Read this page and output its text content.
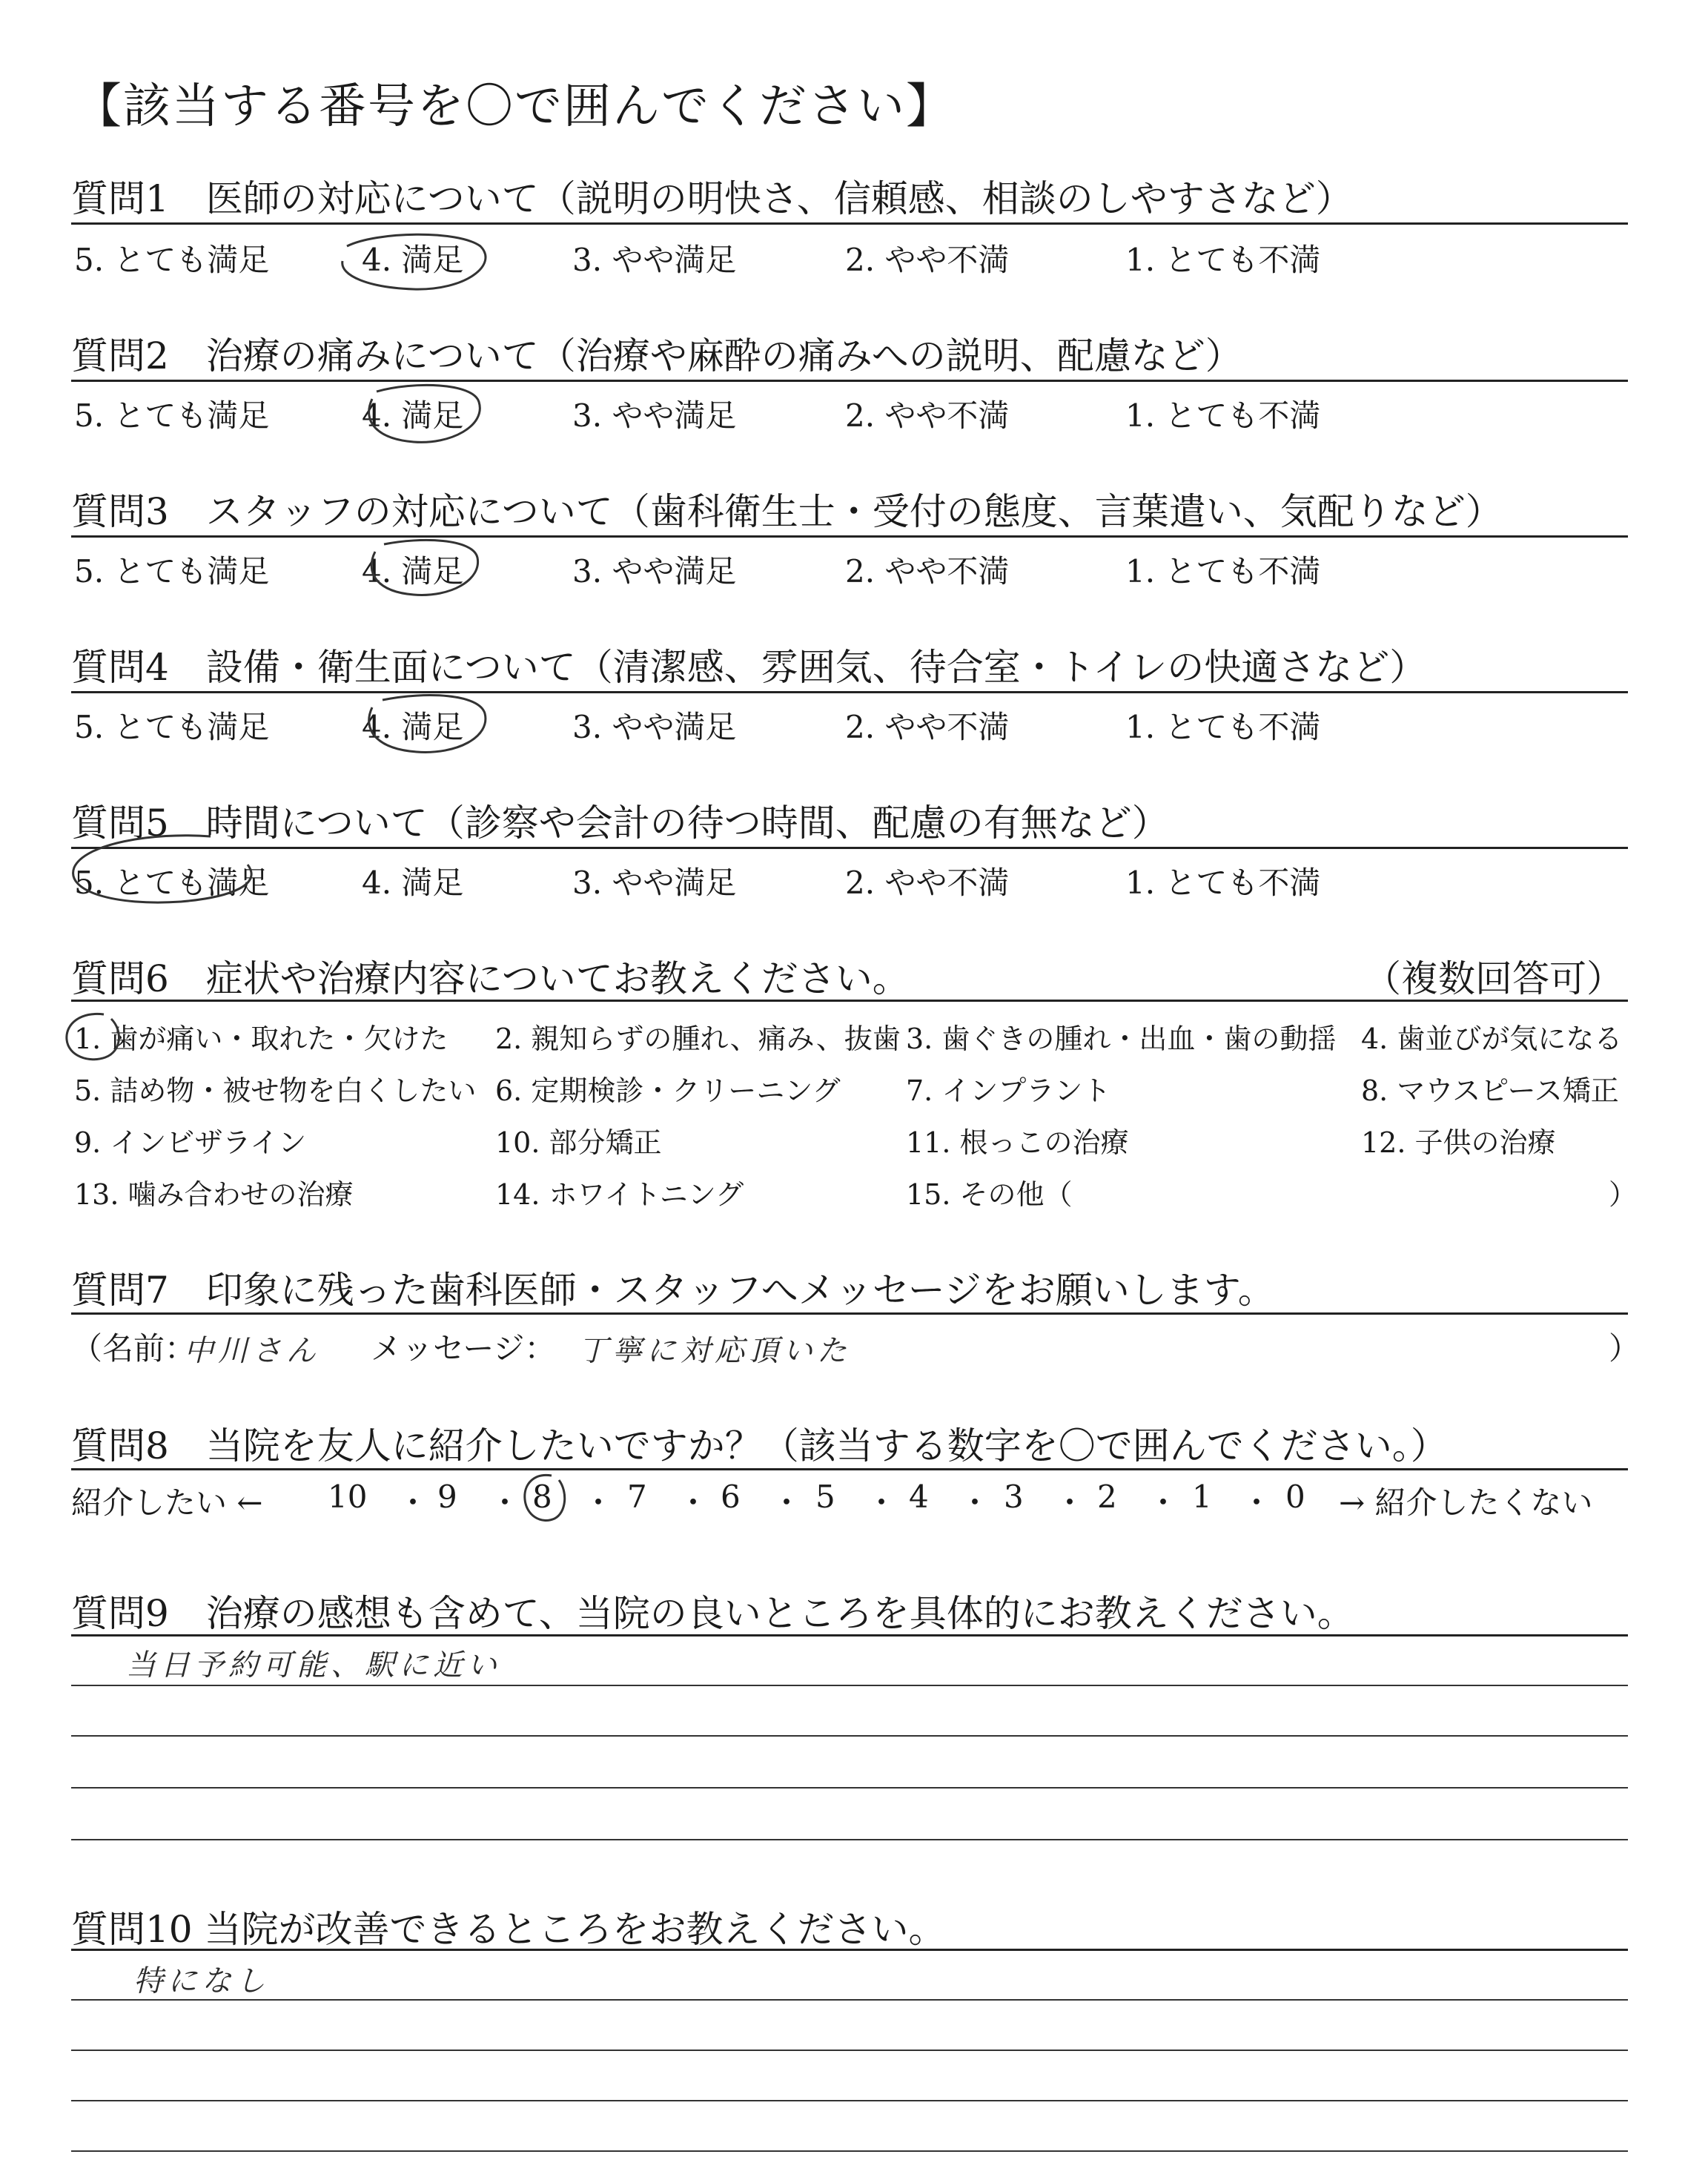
【該当する番号を〇で囲んでください】
質問1　医師の対応について（説明の明快さ、信頼感、相談のしやすさなど）
5. とても満足	4. 満足	3. やや満足	2. やや不満	1. とても不満
質問2　治療の痛みについて（治療や麻酔の痛みへの説明、配慮など）
5. とても満足	4. 満足	3. やや満足	2. やや不満	1. とても不満
質問3　スタッフの対応について（歯科衛生士・受付の態度、言葉遣い、気配りなど）
5. とても満足	4. 満足	3. やや満足	2. やや不満	1. とても不満
質問4　設備・衛生面について（清潔感、雰囲気、待合室・トイレの快適さなど）
5. とても満足	4. 満足	3. やや満足	2. やや不満	1. とても不満
質問5　時間について（診察や会計の待つ時間、配慮の有無など）
5. とても満足	4. 満足	3. やや満足	2. やや不満	1. とても不満
質問6　症状や治療内容についてお教えください。	（複数回答可）
1. 歯が痛い・取れた・欠けた 2. 親知らずの腫れ、痛み、抜歯 3. 歯ぐきの腫れ・出血・歯の動揺 4. 歯並びが気になる
5. 詰め物・被せ物を白くしたい 6. 定期検診・クリーニング 7. インプラント	8. マウスピース矯正
9. インビザライン	10. 部分矯正	11. 根っこの治療	12. 子供の治療
13. 噛み合わせの治療	14. ホワイトニング	15. その他（	）
質問7　印象に残った歯科医師・スタッフへメッセージをお願いします。
（名前：
中川さん メッセージ： 丁寧に対応頂いた	）
質問8　当院を友人に紹介したいですか？（該当する数字を〇で囲んでください。）
紹介したい ←	→ 紹介したくない
10 ・ 9 ・ 8 ・ 7 ・ 6 ・ 5 ・ 4 ・ 3 ・ 2 ・ 1 ・ 0
質問9　治療の感想も含めて、当院の良いところを具体的にお教えください。
当日予約可能、駅に近い
質問10 当院が改善できるところをお教えください。
特になし
